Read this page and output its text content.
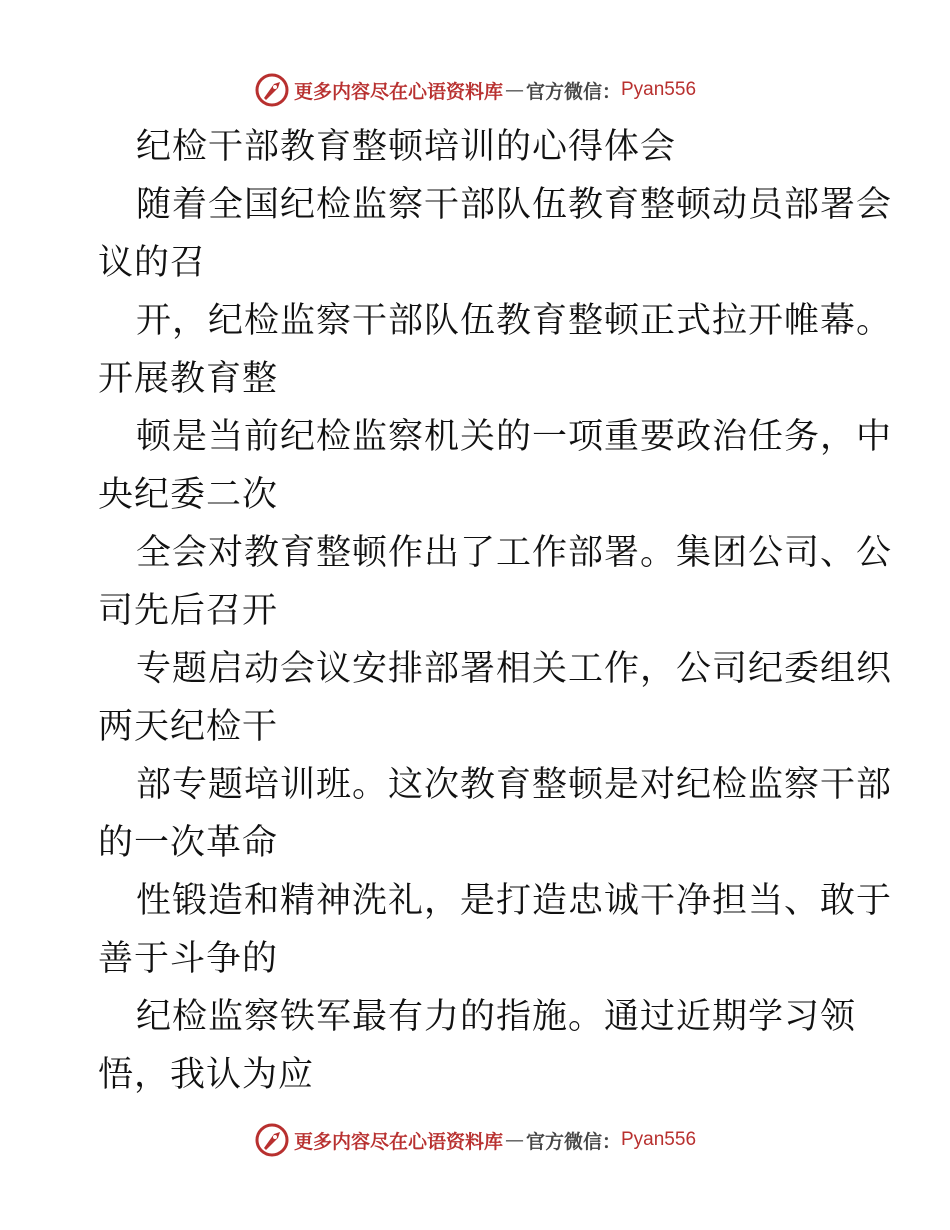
更多内容尽在心语资料库 — 官方微信： Pyan556
纪检干部教育整顿培训的心得体会
随着全国纪检监察干部队伍教育整顿动员部署会
议的召
开，纪检监察干部队伍教育整顿正式拉开帷幕。
开展教育整
顿是当前纪检监察机关的一项重要政治任务，中
央纪委二次
全会对教育整顿作出了工作部署。集团公司、公
司先后召开
专题启动会议安排部署相关工作，公司纪委组织
两天纪检干
部专题培训班。这次教育整顿是对纪检监察干部
的一次革命
性锻造和精神洗礼，是打造忠诚干净担当、敢于
善于斗争的
纪检监察铁军最有力的指施。通过近期学习领
悟，我认为应
更多内容尽在心语资料库 — 官方微信： Pyan556
